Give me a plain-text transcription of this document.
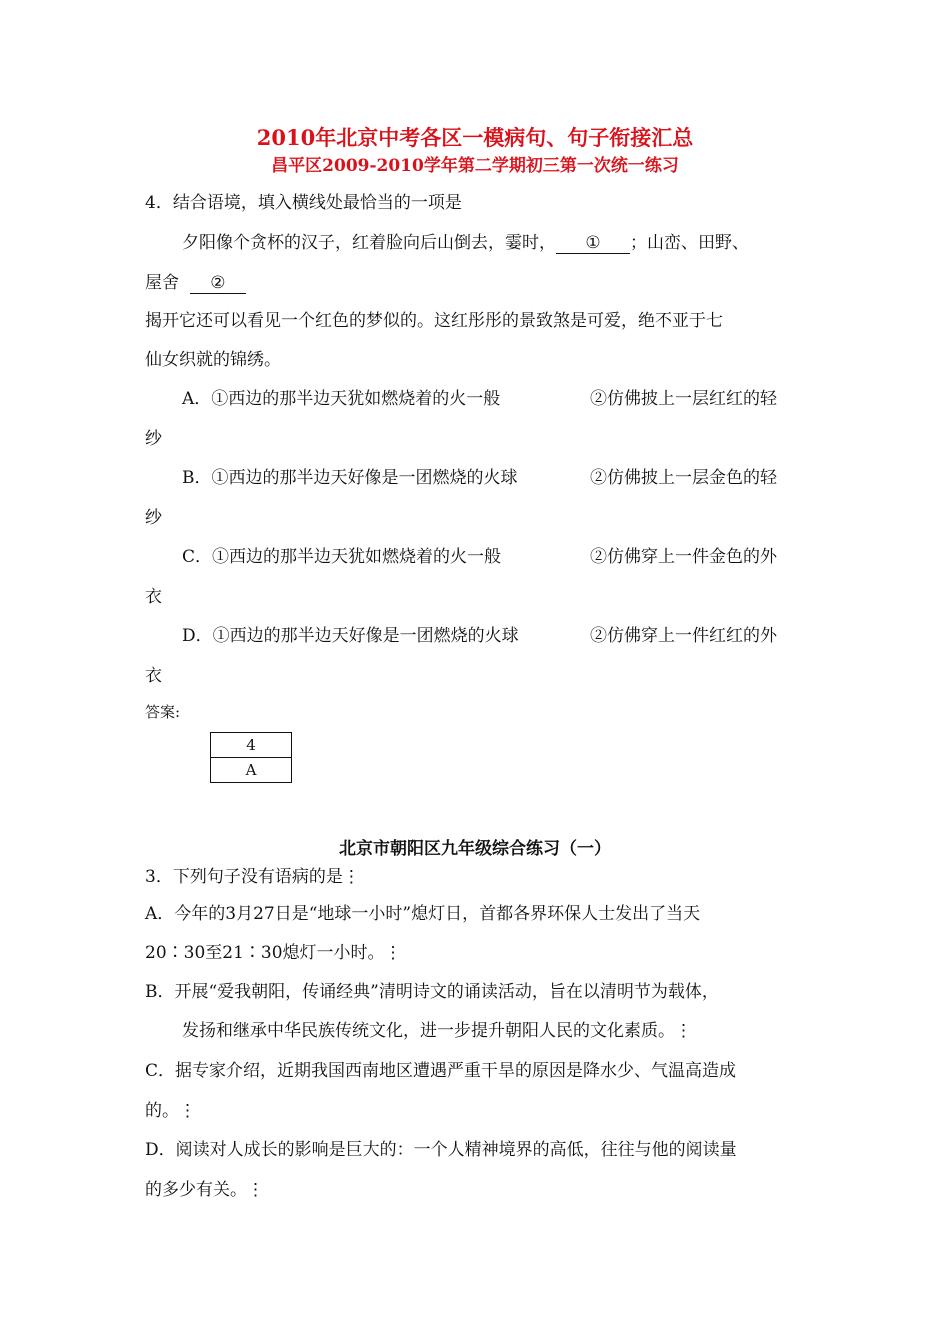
2010年北京中考各区一模病句、句子衔接汇总
昌平区2009-2010学年第二学期初三第一次统一练习
4．结合语境，填入横线处最恰当的一项是
夕阳像个贪杯的汉子，红着脸向后山倒去，霎时， ① ；山峦、田野、
屋舍 ②
揭开它还可以看见一个红色的梦似的。这红彤彤的景致煞是可爱，绝不亚于七
仙女织就的锦绣。
A．①西边的那半边天犹如燃烧着的火一般	②仿佛披上一层红红的轻
纱
B．①西边的那半边天好像是一团燃烧的火球	②仿佛披上一层金色的轻
纱
C．①西边的那半边天犹如燃烧着的火一般	②仿佛穿上一件金色的外
衣
D．①西边的那半边天好像是一团燃烧的火球	②仿佛穿上一件红红的外
衣
答案:
4
A
北京市朝阳区九年级综合练习（一）
3．下列句子没有语病的是⋮
A．今年的3月27日是“地球一小时”熄灯日，首都各界环保人士发出了当天
20∶30至21∶30熄灯一小时。⋮
B．开展“爱我朝阳，传诵经典”清明诗文的诵读活动，旨在以清明节为载体，
发扬和继承中华民族传统文化，进一步提升朝阳人民的文化素质。⋮
C．据专家介绍，近期我国西南地区遭遇严重干旱的原因是降水少、气温高造成
的。⋮
D．阅读对人成长的影响是巨大的：一个人精神境界的高低，往往与他的阅读量
的多少有关。⋮
